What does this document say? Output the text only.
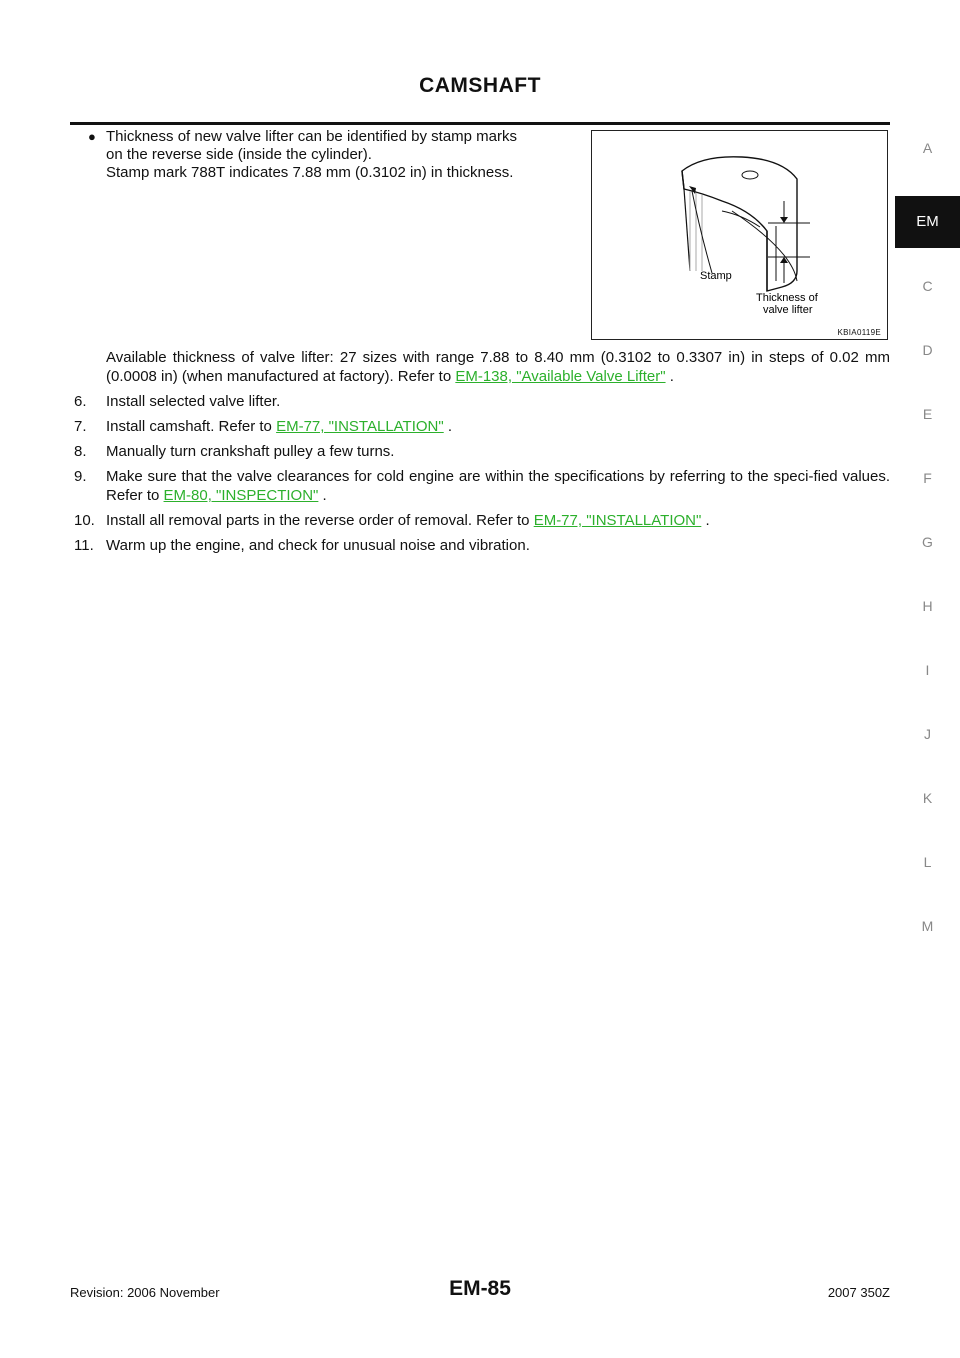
CAMSHAFT
A
EM
C
D
E
F
G
H
I
J
K
L
M
● Thickness of new valve lifter can be identified by stamp marks
on the reverse side (inside the cylinder).
Stamp mark 788T indicates 7.88 mm (0.3102 in) in thickness.
Stamp
Thickness of
valve lifter
KBIA0119E
Available thickness of valve lifter: 27 sizes with range 7.88 to 8.40 mm (0.3102 to 0.3307 in) in steps of 0.02 mm (0.0008 in) (when manufactured at factory). Refer to EM-138, "Available Valve Lifter" .
6. Install selected valve lifter.
7. Install camshaft. Refer to EM-77, "INSTALLATION" .
8. Manually turn crankshaft pulley a few turns.
9. Make sure that the valve clearances for cold engine are within the specifications by referring to the speci-fied values. Refer to EM-80, "INSPECTION" .
10. Install all removal parts in the reverse order of removal. Refer to EM-77, "INSTALLATION" .
11. Warm up the engine, and check for unusual noise and vibration.
Revision: 2006 November	EM-85	2007 350Z
